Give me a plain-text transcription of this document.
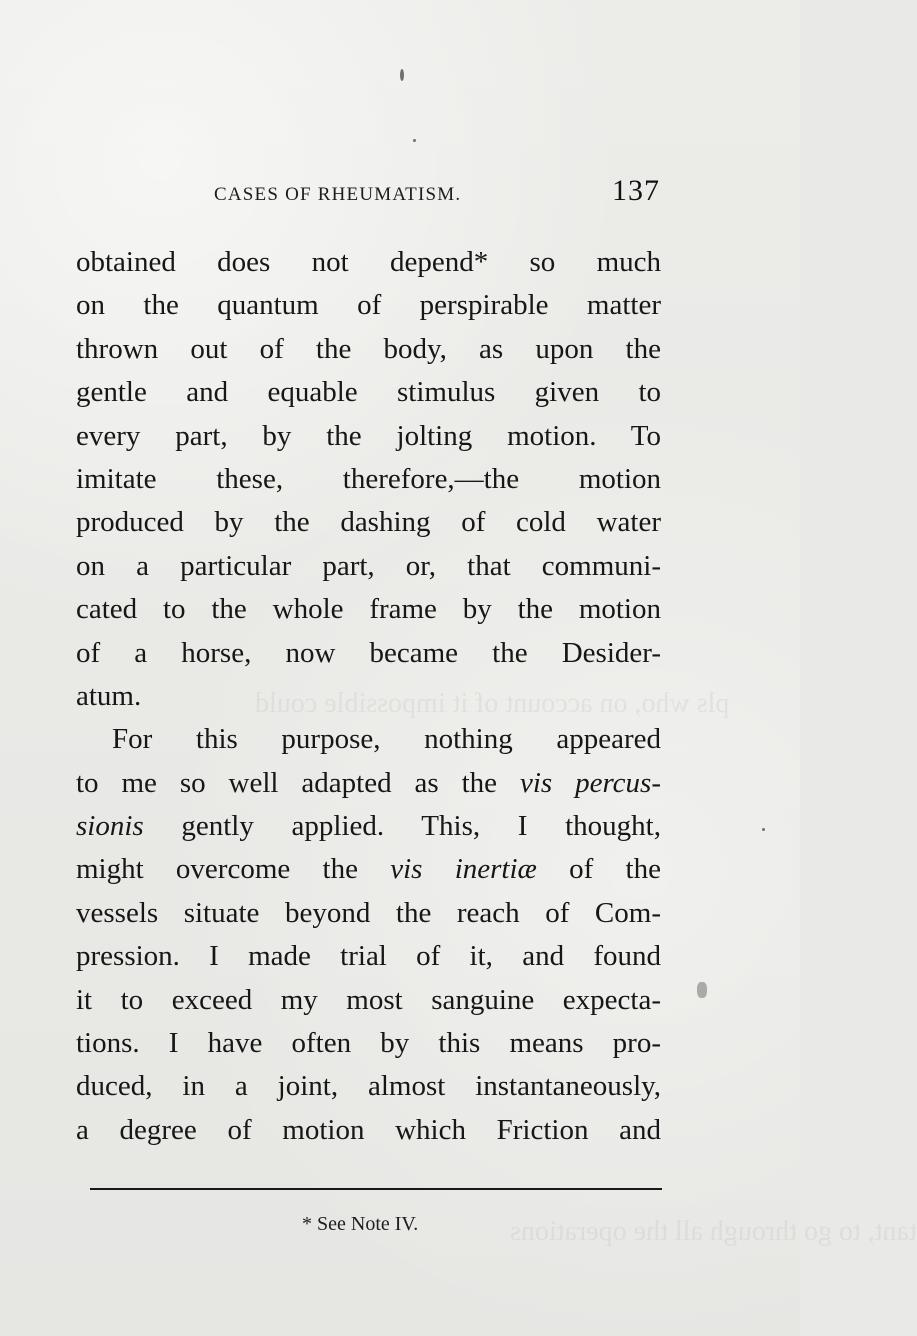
pls who, on account of it impossible could
tant, to go through all the operations
CASES OF RHEUMATISM.	137
obtained does not depend* so much
on the quantum of perspirable matter
thrown out of the body, as upon the
gentle and equable stimulus given to
every part, by the jolting motion. To
imitate these, therefore,—the motion
produced by the dashing of cold water
on a particular part, or, that communi-
cated to the whole frame by the motion
of a horse, now became the Desider-
atum.
For this purpose, nothing appeared
to me so well adapted as the vis percus-
sionis gently applied. This, I thought,
might overcome the vis inertiæ of the
vessels situate beyond the reach of Com-
pression. I made trial of it, and found
it to exceed my most sanguine expecta-
tions. I have often by this means pro-
duced, in a joint, almost instantaneously,
a degree of motion which Friction and
* See Note IV.
